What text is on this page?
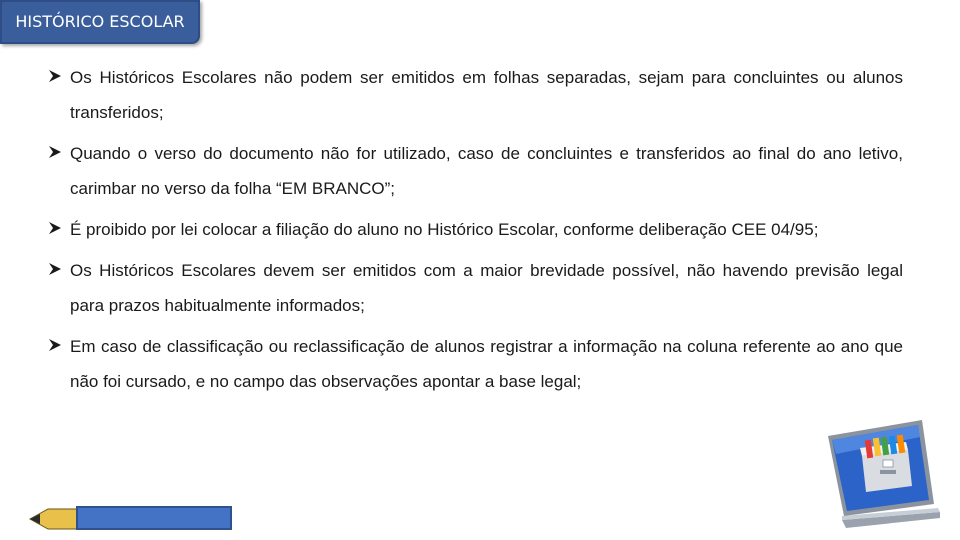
HISTÓRICO ESCOLAR
Os Históricos Escolares não podem ser emitidos em folhas separadas, sejam para concluintes ou alunos transferidos;
Quando o verso do documento não for utilizado, caso de concluintes e transferidos ao final do ano letivo, carimbar no verso da folha “EM BRANCO”;
É proibido por lei colocar a filiação do aluno no Histórico Escolar, conforme deliberação CEE 04/95;
Os Históricos Escolares devem ser emitidos com a maior brevidade possível, não havendo previsão legal para prazos habitualmente informados;
Em caso de classificação ou reclassificação de alunos registrar a informação na coluna referente ao ano que não foi cursado, e no campo das observações apontar a base legal;
